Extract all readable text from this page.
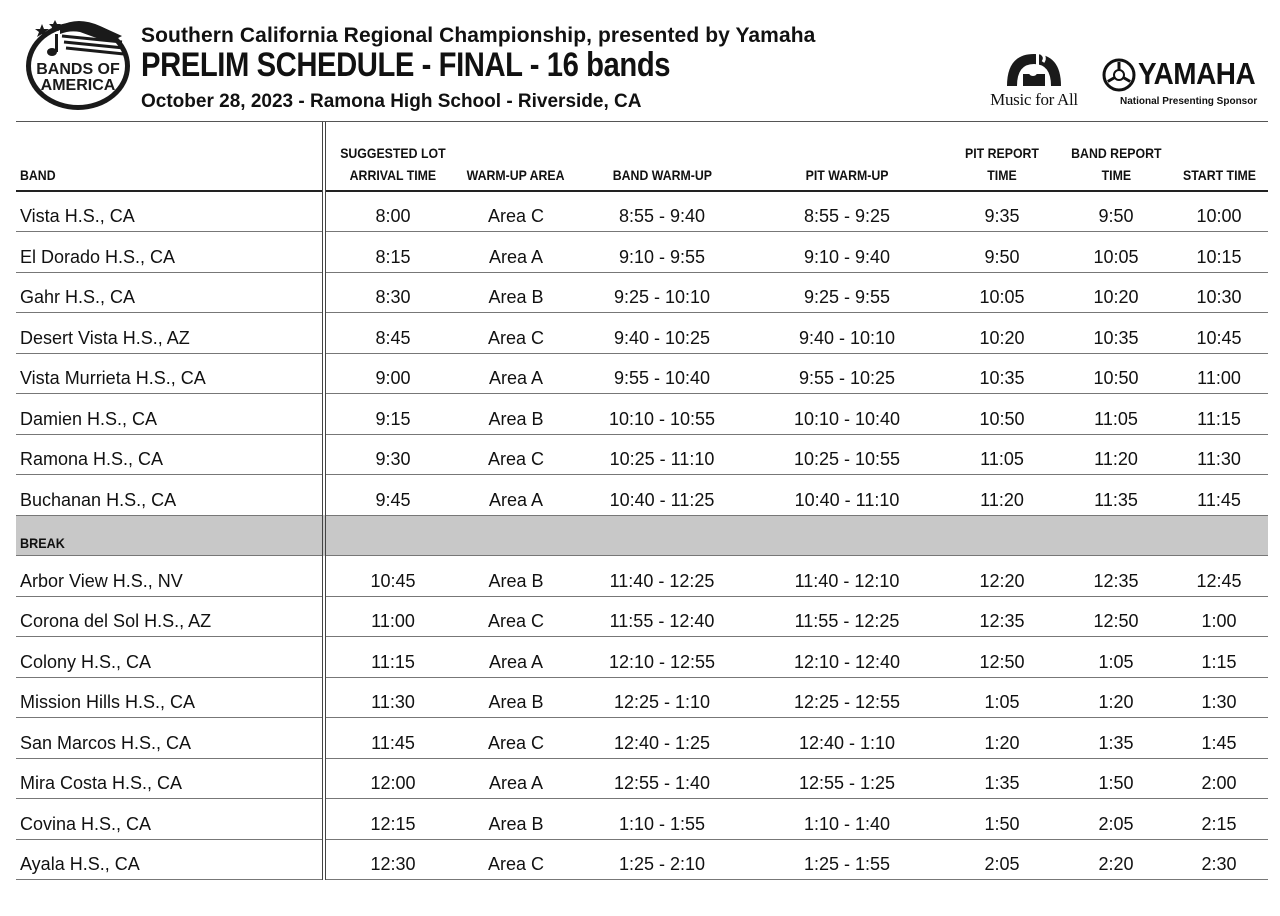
BANDS OF
AMERICA
Southern California Regional Championship, presented by Yamaha
PRELIM SCHEDULE - FINAL - 16 bands
October 28, 2023 - Ramona High School - Riverside, CA	Music for All
YAMAHA
National Presenting Sponsor
BAND	SUGGESTED LOT
ARRIVAL TIME	WARM-UP AREA	BAND WARM-UP	PIT WARM-UP	PIT REPORT TIME	BAND REPORT
TIME	START TIME
Vista H.S., CA	8:00	Area C	8:55 - 9:40	8:55 - 9:25	9:35	9:50	10:00
El Dorado H.S., CA	8:15	Area A	9:10 - 9:55	9:10 - 9:40	9:50	10:05	10:15
Gahr H.S., CA	8:30	Area B	9:25 - 10:10	9:25 - 9:55	10:05	10:20	10:30
Desert Vista H.S., AZ	8:45	Area C	9:40 - 10:25	9:40 - 10:10	10:20	10:35	10:45
Vista Murrieta H.S., CA	9:00	Area A	9:55 - 10:40	9:55 - 10:25	10:35	10:50	11:00
Damien H.S., CA	9:15	Area B	10:10 - 10:55	10:10 - 10:40	10:50	11:05	11:15
Ramona H.S., CA	9:30	Area C	10:25 - 11:10	10:25 - 10:55	11:05	11:20	11:30
Buchanan H.S., CA	9:45	Area A	10:40 - 11:25	10:40 - 11:10	11:20	11:35	11:45
BREAK							
Arbor View H.S., NV	10:45	Area B	11:40 - 12:25	11:40 - 12:10	12:20	12:35	12:45
Corona del Sol H.S., AZ	11:00	Area C	11:55 - 12:40	11:55 - 12:25	12:35	12:50	1:00
Colony H.S., CA	11:15	Area A	12:10 - 12:55	12:10 - 12:40	12:50	1:05	1:15
Mission Hills H.S., CA	11:30	Area B	12:25 - 1:10	12:25 - 12:55	1:05	1:20	1:30
San Marcos H.S., CA	11:45	Area C	12:40 - 1:25	12:40 - 1:10	1:20	1:35	1:45
Mira Costa H.S., CA	12:00	Area A	12:55 - 1:40	12:55 - 1:25	1:35	1:50	2:00
Covina H.S., CA	12:15	Area B	1:10 - 1:55	1:10 - 1:40	1:50	2:05	2:15
Ayala H.S., CA	12:30	Area C	1:25 - 2:10	1:25 - 1:55	2:05	2:20	2:30
